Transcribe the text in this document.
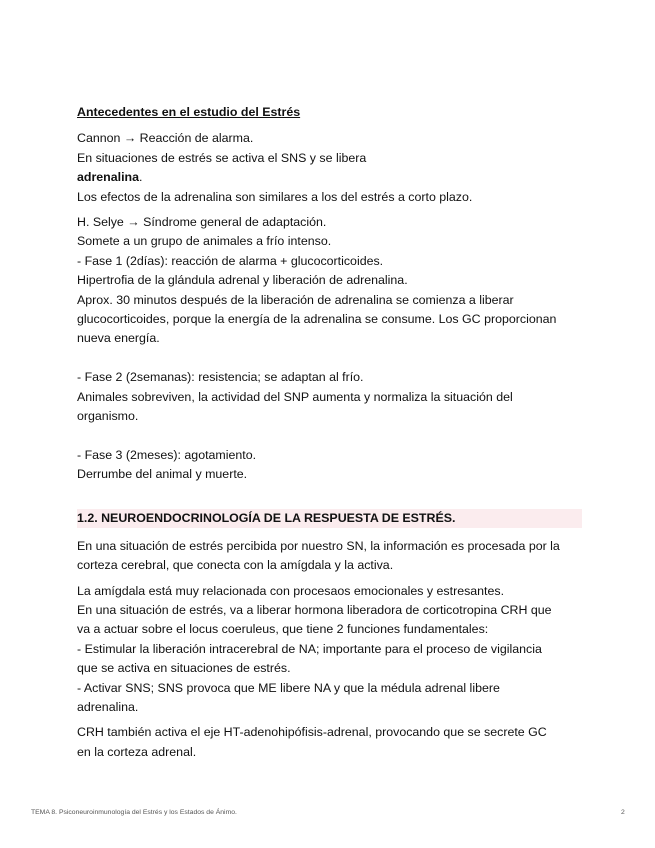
Antecedentes en el estudio del Estrés
Cannon → Reacción de alarma.
En situaciones de estrés se activa el SNS y se libera
adrenalina.
Los efectos de la adrenalina son similares a los del estrés a corto plazo.
H. Selye → Síndrome general de adaptación.
Somete a un grupo de animales a frío intenso.
- Fase 1 (2días): reacción de alarma + glucocorticoides.
Hipertrofia de la glándula adrenal y liberación de adrenalina.
Aprox. 30 minutos después de la liberación de adrenalina se comienza a liberar
glucocorticoides, porque la energía de la adrenalina se consume. Los GC proporcionan
nueva energía.
- Fase 2 (2semanas): resistencia; se adaptan al frío.
Animales sobreviven, la actividad del SNP aumenta y normaliza la situación del
organismo.
- Fase 3 (2meses): agotamiento.
Derrumbe del animal y muerte.
1.2. NEUROENDOCRINOLOGÍA DE LA RESPUESTA DE ESTRÉS.
En una situación de estrés percibida por nuestro SN, la información es procesada por la
corteza cerebral, que conecta con la amígdala y la activa.
La amígdala está muy relacionada con procesaos emocionales y estresantes.
En una situación de estrés, va a liberar hormona liberadora de corticotropina CRH que
va a actuar sobre el locus coeruleus, que tiene 2 funciones fundamentales:
- Estimular la liberación intracerebral de NA; importante para el proceso de vigilancia
que se activa en situaciones de estrés.
- Activar SNS; SNS provoca que ME libere NA y que la médula adrenal libere
adrenalina.
CRH también activa el eje HT-adenohipófisis-adrenal, provocando que se secrete GC
en la corteza adrenal.
TEMA 8. Psiconeuroinmunología del Estrés y los Estados de Ánimo.	2
